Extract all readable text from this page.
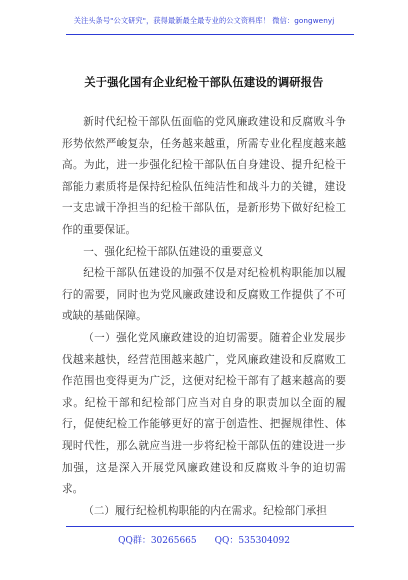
关注头条号"公文研究"，获得最新最全最专业的公文资料库！ 微信：gongwenyj
关于强化国有企业纪检干部队伍建设的调研报告

新时代纪检干部队伍面临的党风廉政建设和反腐败斗争形势依然严峻复杂，任务越来越重，所需专业化程度越来越高。为此，进一步强化纪检干部队伍自身建设、提升纪检干部能力素质将是保持纪检队伍纯洁性和战斗力的关键，建设一支忠诚干净担当的纪检干部队伍，是新形势下做好纪检工作的重要保证。

一、强化纪检干部队伍建设的重要意义

纪检干部队伍建设的加强不仅是对纪检机构职能加以履行的需要，同时也为党风廉政建设和反腐败工作提供了不可或缺的基础保障。

（一）强化党风廉政建设的迫切需要。随着企业发展步伐越来越快，经营范围越来越广，党风廉政建设和反腐败工作范围也变得更为广泛，这便对纪检干部有了越来越高的要求。纪检干部和纪检部门应当对自身的职责加以全面的履行，促使纪检工作能够更好的富于创造性、把握规律性、体现时代性，那么就应当进一步将纪检干部队伍的建设进一步加强，这是深入开展党风廉政建设和反腐败斗争的迫切需求。

（二）履行纪检机构职能的内在需求。纪检部门承担

QQ群：30265665 QQ：535304092
